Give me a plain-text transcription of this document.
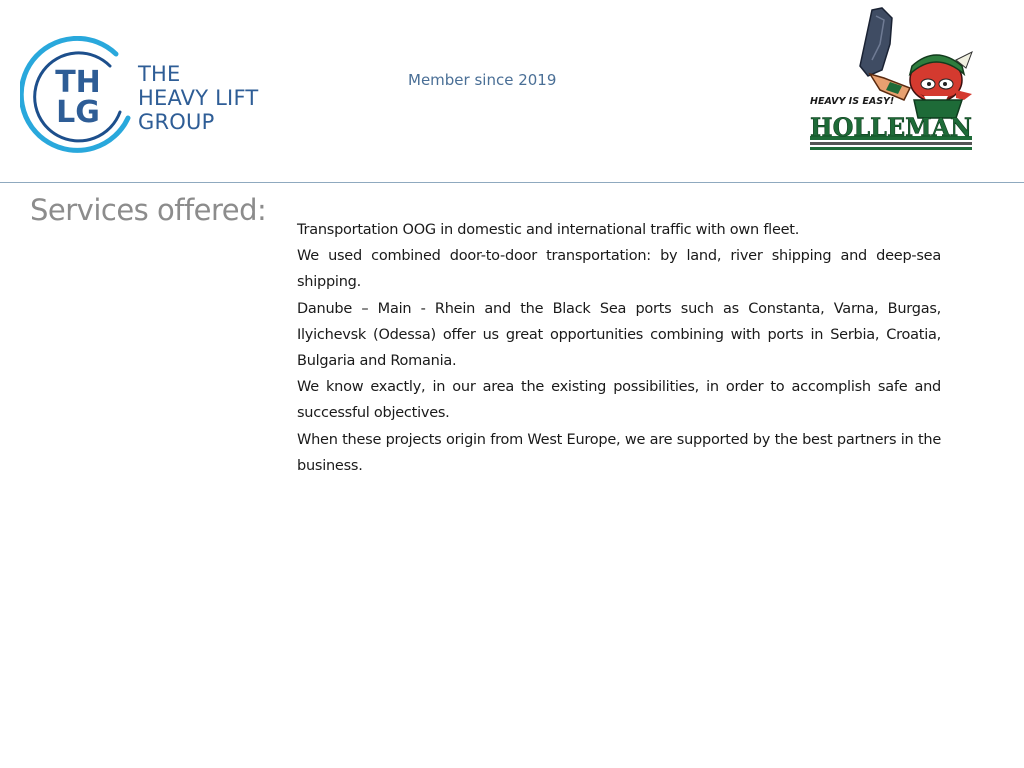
TH
LG
THE
HEAVY LIFT
GROUP
Member since 2019
HEAVY IS EASY!
HOLLEMAN
Services offered:

Transportation OOG in domestic and international traffic with own fleet.

We used combined door-to-door transportation: by land, river shipping and deep-sea shipping.

Danube – Main - Rhein and the Black Sea ports such as Constanta, Varna, Burgas, Ilyichevsk (Odessa) offer us great opportunities combining with ports in Serbia, Croatia, Bulgaria and Romania.

We know exactly, in our area the existing possibilities, in order to accomplish safe and successful objectives.

When these projects origin from West Europe, we are supported by the best partners in the business.
